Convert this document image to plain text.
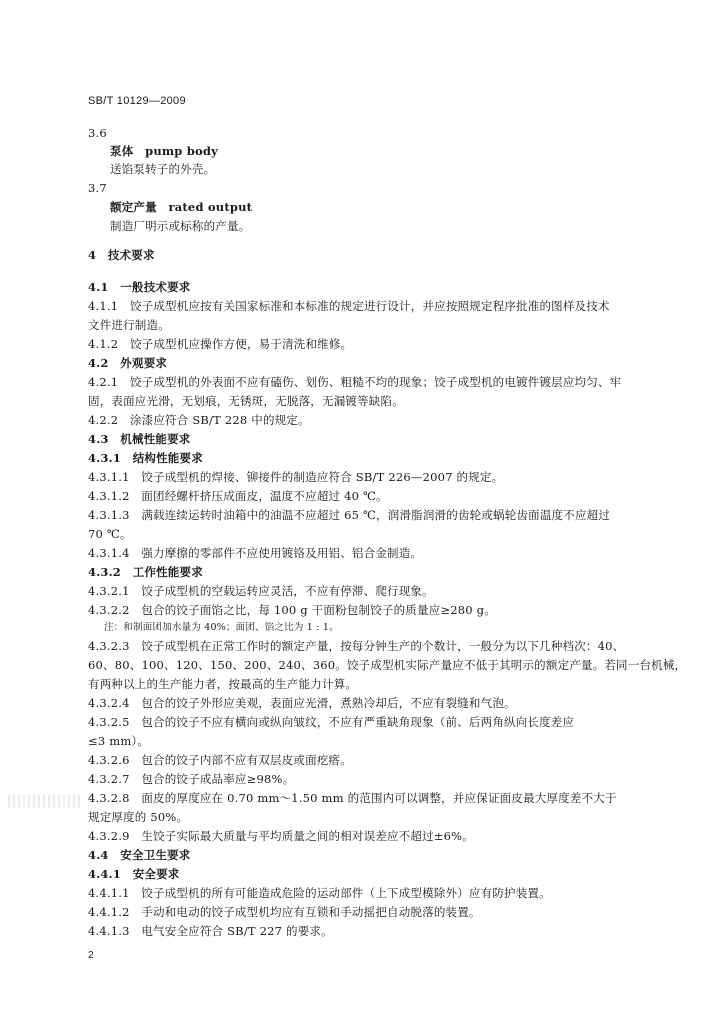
SB/T 10129—2009
3.6
泵体　pump body
送馅泵转子的外壳。
3.7
额定产量　rated output
制造厂明示或标称的产量。
4　技术要求
4.1　一般技术要求
4.1.1　饺子成型机应按有关国家标准和本标准的规定进行设计，并应按照规定程序批准的图样及技术
文件进行制造。
4.1.2　饺子成型机应操作方便，易于清洗和维修。
4.2　外观要求
4.2.1　饺子成型机的外表面不应有磕伤、划伤、粗糙不均的现象；饺子成型机的电镀件镀层应均匀、牢
固，表面应光滑，无划痕，无锈斑，无脱落，无漏镀等缺陷。
4.2.2　涂漆应符合 SB/T 228 中的规定。
4.3　机械性能要求
4.3.1　结构性能要求
4.3.1.1　饺子成型机的焊接、铆接件的制造应符合 SB/T 226—2007 的规定。
4.3.1.2　面团经螺杆挤压成面皮，温度不应超过 40 ℃。
4.3.1.3　满载连续运转时油箱中的油温不应超过 65 ℃，润滑脂润滑的齿轮或蜗轮齿面温度不应超过
70 ℃。
4.3.1.4　强力摩擦的零部件不应使用镀铬及用铝、铝合金制造。
4.3.2　工作性能要求
4.3.2.1　饺子成型机的空载运转应灵活，不应有停滞、爬行现象。
4.3.2.2　包合的饺子面馅之比，每 100 g 干面粉包制饺子的质量应≥280 g。
注：和制面团加水量为 40%；面团、馅之比为 1 : 1。
4.3.2.3　饺子成型机在正常工作时的额定产量，按每分钟生产的个数计，一般分为以下几种档次：40、
60、80、100、120、150、200、240、360。饺子成型机实际产量应不低于其明示的额定产量。若同一台机械，
有两种以上的生产能力者，按最高的生产能力计算。
4.3.2.4　包合的饺子外形应美观，表面应光滑，煮熟冷却后，不应有裂缝和气泡。
4.3.2.5　包合的饺子不应有横向或纵向皱纹，不应有严重缺角现象（前、后两角纵向长度差应
≤3 mm）。
4.3.2.6　包合的饺子内部不应有双层皮或面疙瘩。
4.3.2.7　包合的饺子成品率应≥98%。
4.3.2.8　面皮的厚度应在 0.70 mm～1.50 mm 的范围内可以调整，并应保证面皮最大厚度差不大于
规定厚度的 50%。
4.3.2.9　生饺子实际最大质量与平均质量之间的相对误差应不超过±6%。
4.4　安全卫生要求
4.4.1　安全要求
4.4.1.1　饺子成型机的所有可能造成危险的运动部件（上下成型模除外）应有防护装置。
4.4.1.2　手动和电动的饺子成型机均应有互锁和手动摇把自动脱落的装置。
4.4.1.3　电气安全应符合 SB/T 227 的要求。
2
